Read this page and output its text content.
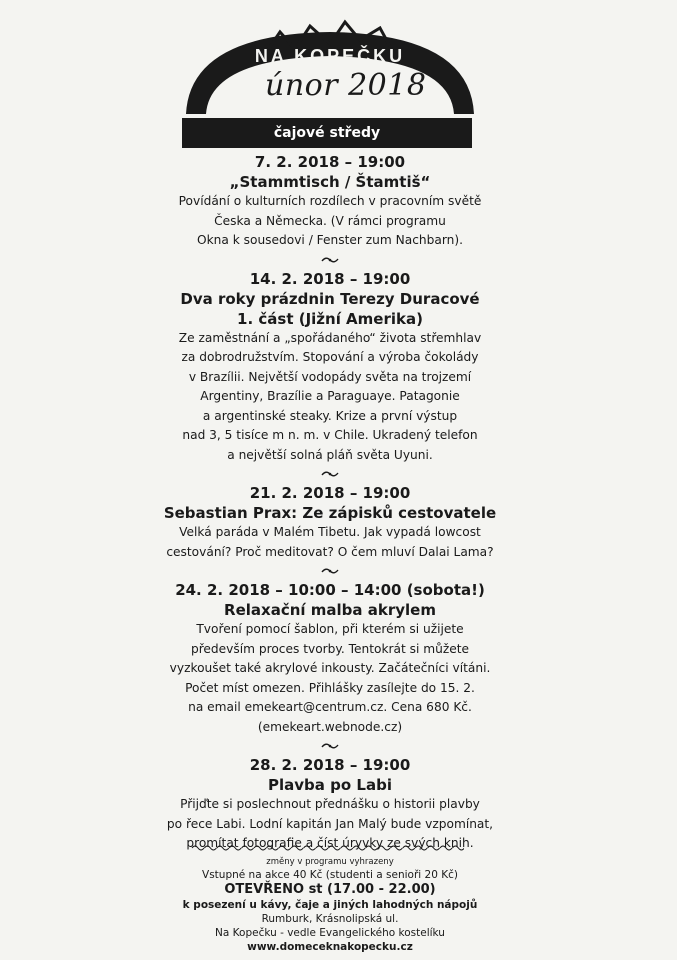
NA KOPEČKU
únor 2018
čajové středy
7. 2. 2018 – 19:00
„Stammtisch / Štamtiš“
Povídání o kulturních rozdílech v pracovním světě
Česka a Německa. (V rámci programu
Okna k sousedovi / Fenster zum Nachbarn).
14. 2. 2018 – 19:00
Dva roky prázdnin Terezy Duracové
1. část (Jižní Amerika)
Ze zaměstnání a „spořádaného“ života střemhlav
za dobrodružstvím. Stopování a výroba čokolády
v Brazílii. Největší vodopády světa na trojzemí
Argentiny, Brazílie a Paraguaye. Patagonie
a argentinské steaky. Krize a první výstup
nad 3, 5 tisíce m n. m. v Chile. Ukradený telefon
a největší solná pláň světa Uyuni.
21. 2. 2018 – 19:00
Sebastian Prax: Ze zápisků cestovatele
Velká paráda v Malém Tibetu. Jak vypadá lowcost
cestování? Proč meditovat? O čem mluví Dalai Lama?
24. 2. 2018 – 10:00 – 14:00 (sobota!)
Relaxační malba akrylem
Tvoření pomocí šablon, při kterém si užijete
především proces tvorby. Tentokrát si můžete
vyzkoušet také akrylové inkousty. Začátečníci vítáni.
Počet míst omezen. Přihlášky zasílejte do 15. 2.
na email emekeart@centrum.cz. Cena 680 Kč.
(emekeart.webnode.cz)
28. 2. 2018 – 19:00
Plavba po Labi
Přijďte si poslechnout přednášku o historii plavby
po řece Labi. Lodní kapitán Jan Malý bude vzpomínat,
promítat fotografie a číst úryvky ze svých knih.
změny v programu vyhrazeny
Vstupné na akce 40 Kč (studenti a senioři 20 Kč)
OTEVŘENO st (17.00 - 22.00)
k posezení u kávy, čaje a jiných lahodných nápojů
Rumburk, Krásnolipská ul.
Na Kopečku - vedle Evangelického kostelíku
www.domeceknakopecku.cz
